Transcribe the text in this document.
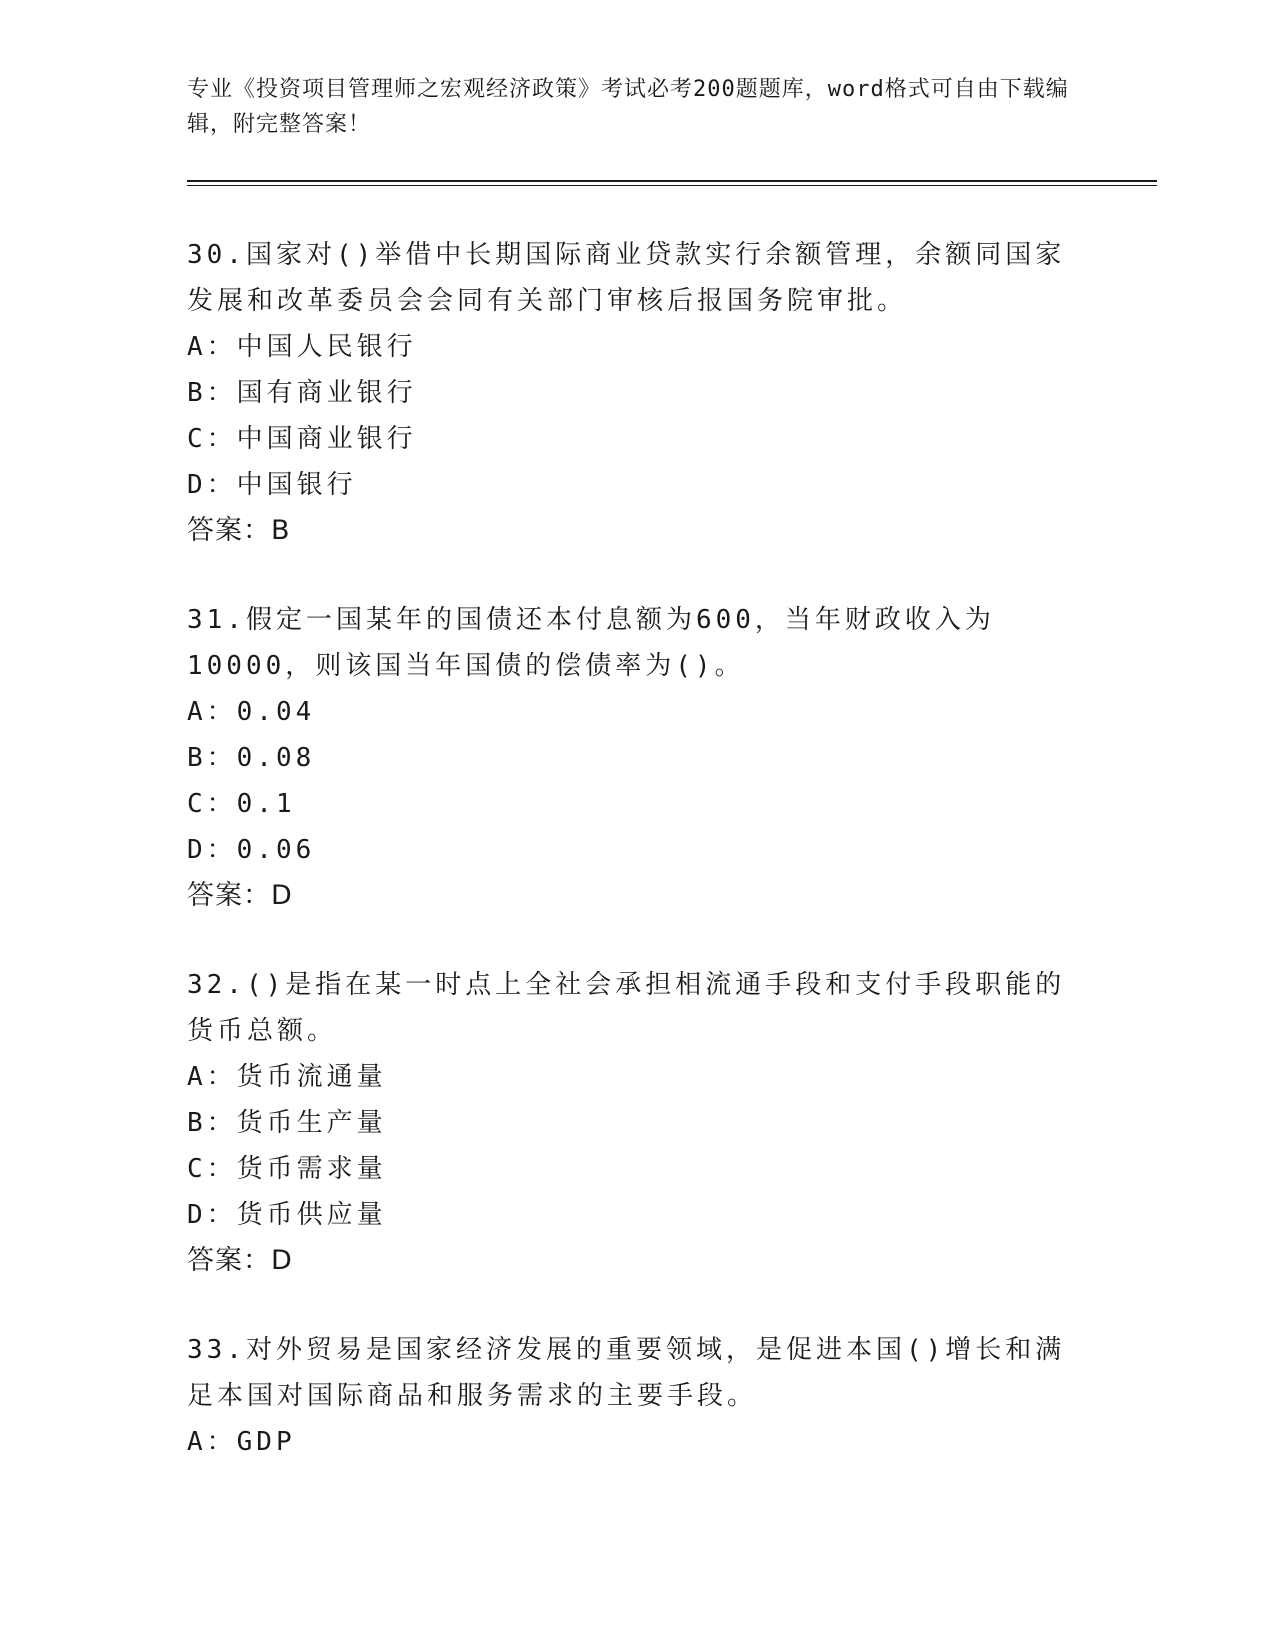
专业《投资项目管理师之宏观经济政策》考试必考200题题库，word格式可自由下载编辑，附完整答案！

30.国家对()举借中长期国际商业贷款实行余额管理，余额同国家发展和改革委员会会同有关部门审核后报国务院审批。

A：中国人民银行

B：国有商业银行

C：中国商业银行

D：中国银行

答案：B

31.假定一国某年的国债还本付息额为600，当年财政收入为10000，则该国当年国债的偿债率为()。

A：0.04

B：0.08

C：0.1

D：0.06

答案：D

32.()是指在某一时点上全社会承担相流通手段和支付手段职能的货币总额。

A：货币流通量

B：货币生产量

C：货币需求量

D：货币供应量

答案：D

33.对外贸易是国家经济发展的重要领域，是促进本国()增长和满足本国对国际商品和服务需求的主要手段。

A：GDP
